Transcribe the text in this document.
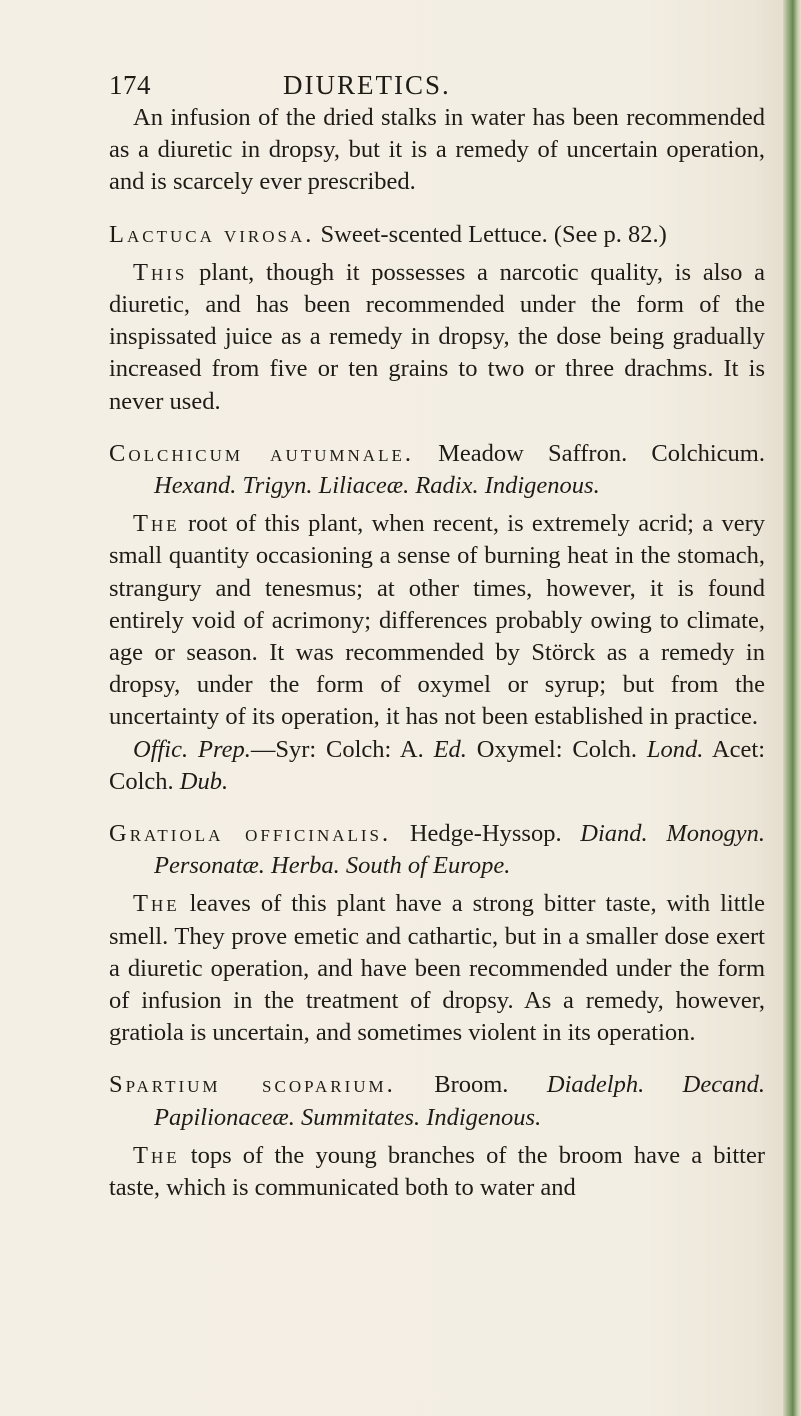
174	DIURETICS.

An infusion of the dried stalks in water has been recommended as a diuretic in dropsy, but it is a remedy of uncertain operation, and is scarcely ever prescribed.

Lactuca virosa. Sweet-scented Lettuce. (See p. 82.)

This plant, though it possesses a narcotic quality, is also a diuretic, and has been recommended under the form of the inspissated juice as a remedy in dropsy, the dose being gradually increased from five or ten grains to two or three drachms. It is never used.

Colchicum autumnale. Meadow Saffron. Colchicum. Hexand. Trigyn. Liliaceæ. Radix. Indigenous.

The root of this plant, when recent, is extremely acrid; a very small quantity occasioning a sense of burning heat in the stomach, strangury and tenesmus; at other times, however, it is found entirely void of acrimony; differences probably owing to climate, age or season. It was recommended by Störck as a remedy in dropsy, under the form of oxymel or syrup; but from the uncertainty of its operation, it has not been established in practice.

Offic. Prep.—Syr: Colch: A. Ed. Oxymel: Colch. Lond. Acet: Colch. Dub.

Gratiola officinalis. Hedge-Hyssop. Diand. Monogyn. Personatæ. Herba. South of Europe.

The leaves of this plant have a strong bitter taste, with little smell. They prove emetic and cathartic, but in a smaller dose exert a diuretic operation, and have been recommended under the form of infusion in the treatment of dropsy. As a remedy, however, gratiola is uncertain, and sometimes violent in its operation.

Spartium scoparium. Broom. Diadelph. Decand. Papilionaceæ. Summitates. Indigenous.

The tops of the young branches of the broom have a bitter taste, which is communicated both to water and
